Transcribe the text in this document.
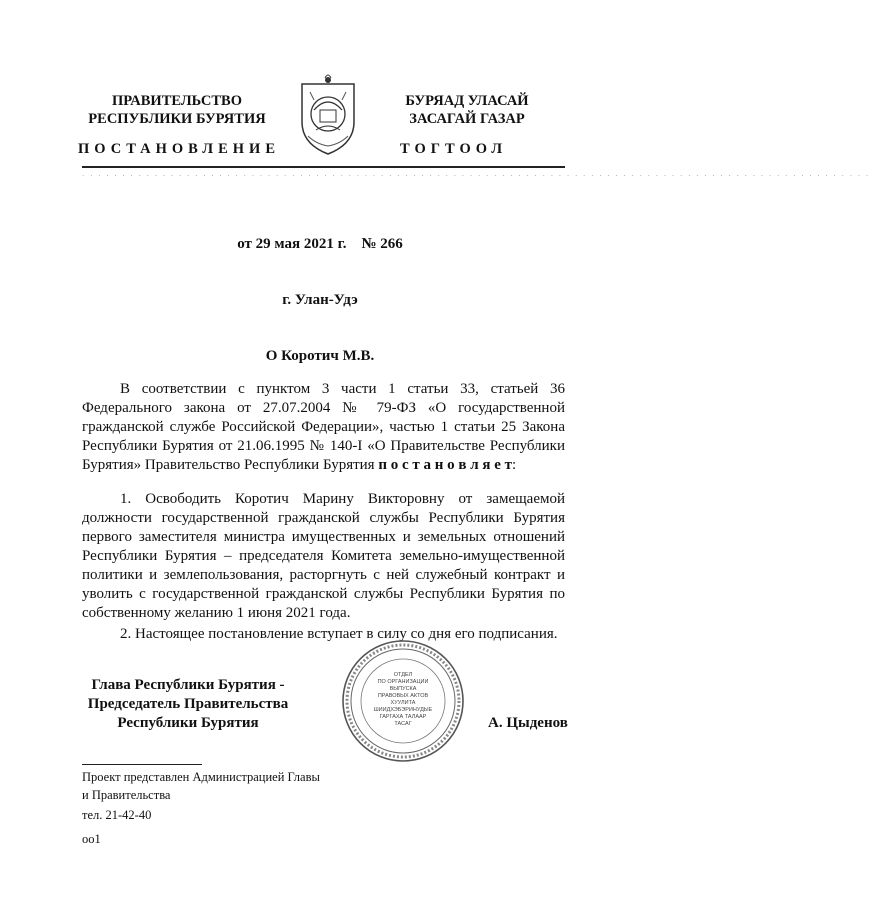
ПРАВИТЕЛЬСТВО
РЕСПУБЛИКИ БУРЯТИЯ
БУРЯАД УЛАСАЙ
ЗАСАГАЙ ГАЗАР
ПОСТАНОВЛЕНИЕ	ТОГТООЛ
· · · · · · · · · · · · · · · · · · · · · · · · · · · · · · · · · · · · · · · · · · · · · · · · · · · · · · · · · · · · · · · · · · · · · · · · · · · · · · · · · · · · · · · · · · · · · · · · · ·
от 29 мая 2021 г.    № 266
г. Улан-Удэ
О Коротич М.В.

В соответствии с пунктом 3 части 1 статьи 33, статьей 36 Федерального закона от 27.07.2004 № 79-ФЗ «О государственной гражданской службе Российской Федерации», частью 1 статьи 25 Закона Республики Бурятия от 21.06.1995 № 140-I «О Правительстве Республики Бурятия» Правительство Республики Бурятия п о с т а н о в л я е т:

1. Освободить Коротич Марину Викторовну от замещаемой должности государственной гражданской службы Республики Бурятия первого заместителя министра имущественных и земельных отношений Республики Бурятия – председателя Комитета земельно-имущественной политики и землепользования, расторгнуть с ней служебный контракт и уволить с государственной гражданской службы Республики Бурятия по собственному желанию 1 июня 2021 года.

2. Настоящее постановление вступает в силу со дня его подписания.

Глава Республики Бурятия -
Председатель Правительства
Республики Бурятия
ОТДЕЛ
ПО ОРГАНИЗАЦИИ
ВЫПУСКА
ПРАВОВЫХ АКТОВ
ХУУЛИТА
ШИИДХЭБЭРИНУДЫЕ
ГАРГАХА ТАЛААР
ТАСАГ	А. Цыденов
Проект представлен Администрацией Главы
и Правительства
тел. 21-42-40
оо1
